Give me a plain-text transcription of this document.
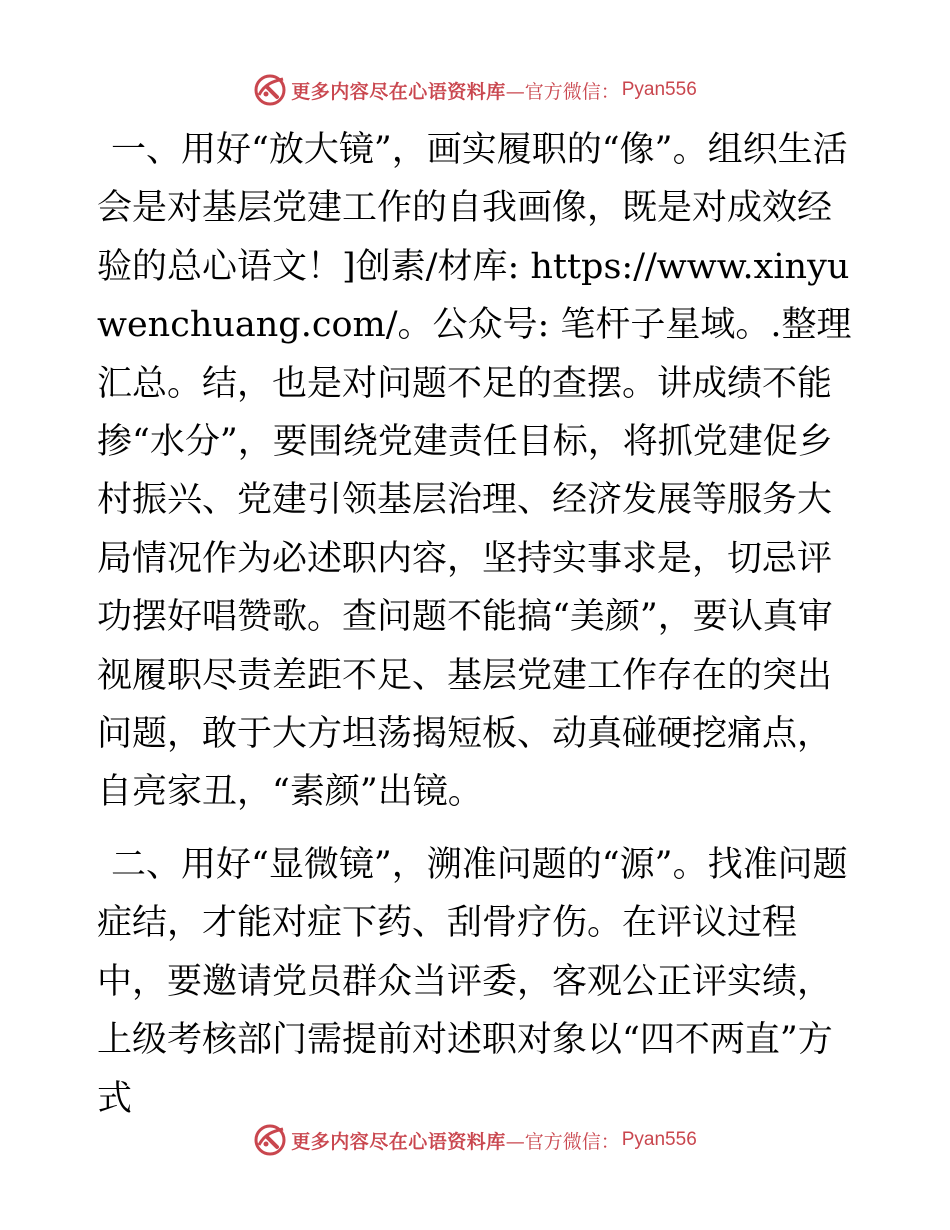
更多内容尽在心语资料库 —官方微信： Pyan556

一、用好“放大镜”，画实履职的“像”。组织生活会是对基层党建工作的自我画像，既是对成效经验的总心语文！]创素/材库: https://www.xinyuwenchuang.com/。公众号: 笔杆子星域。.整理汇总。结，也是对问题不足的查摆。讲成绩不能掺“水分”，要围绕党建责任目标，将抓党建促乡村振兴、党建引领基层治理、经济发展等服务大局情况作为必述职内容，坚持实事求是，切忌评功摆好唱赞歌。查问题不能搞“美颜”，要认真审视履职尽责差距不足、基层党建工作存在的突出问题，敢于大方坦荡揭短板、动真碰硬挖痛点，自亮家丑，“素颜”出镜。

二、用好“显微镜”，溯准问题的“源”。找准问题症结，才能对症下药、刮骨疗伤。在评议过程中，要邀请党员群众当评委，客观公正评实绩，上级考核部门需提前对述职对象以“四不两直”方式

更多内容尽在心语资料库 —官方微信： Pyan556
